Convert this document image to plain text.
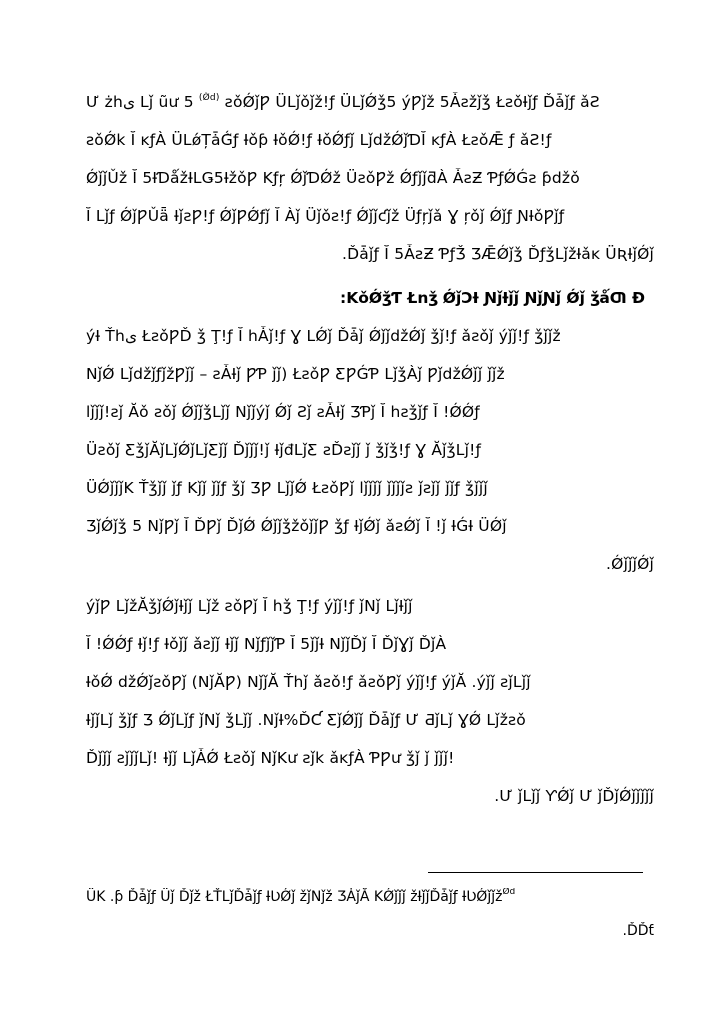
Ư żhى Lǰ ũư 5 $^{(Ǿd)}$ ƨǒǾǰǷ ÜLǰǒǰž!ƒ ÜLǰǾǯ5 ýǷǰž 5Ǡƨžǰǯ ŁƨǒƗǰƒ Ďǡǰƒ ǎƧ
ƨǒǾk Ĭ ĸƒÀ ÜLǿȚǡǴ̃ƒ Ɨǒƥ ƗǒǾ!ƒ ƗǒǾƒǰ LǰdžǾǰƊĬ ĸƒÀ ŁƨǒǢ ƒ ǎƧ!ƒ
ǾǰǰǓž Ĭ 5ƗƊǻžƗLǤ5ƗžǒǷ Kƒŗ ǾǰƊǾž ÜƨǒǷž ǾƒǰǰƌÀ ǠƨƵ ƤƒǾǴƨ ƥdžǒ
Ĭ Lǰƒ ǾǰǷǓǟ ƗǰƨǷ!ƒ ǾǰǷǾƒǰ Ĭ Àǰ Üǰǒƨ!ƒ Ǿǰǰƈǰž Üƒŗǰǎ Ɣ ŗǒǰ Ǿǰƒ ƝƗǒǷǰƒ
.Ďǡǰƒ Ĭ 5ǠƨƵ ƤƒǮ ƷǢǾǰǯ ĎƒǯLǰžƗǎĸ ÜƦƗǰǾǰ
:KǒǾǯƬ Łnǯ ǾǰƆƗ ƝǰƗǰǰ ƝǰƝǰ Ǿǰ ǯǻƢ Ɖ
ýƗ Ťhى ŁƨǒǷĎ ǯ Ţ!ƒ Ĭ hǠǰ!ƒ Ɣ LǾǰ Ďǡǰ ǾǰǰdžǾǰ ǯǰ!ƒ ǎƨǒǰ ýǰǰ!ƒ ǯǰǰž
NǰǾ LǰdžǰƒǰžǷǰǰ – ƨǠƗǰ ǷƤ ǰǰ) ŁƨǒǷ ƸǷǴƤ LǰǯÀǰ ǷǰdžǾǰǰ ǰǰž
lǰǰǰ!ƨǰ Ăǒ ƨǒǰ ǾǰǰǯLǰǰ Nǰǰýǰ Ǿǰ Ƨǰ ƨǠƗǰ ƷƤǰ Ĭ hƨǯǰƒ Ĭ !ǾǾƒ
Üƨǒǰ ƸǯǰĂǰLǰǾǰLǰƸǰǰ Ďǰǰǰ!ǰ ƗǰđLǰƸ ƨĎƨǰǰ ǰ ǯǰǯ!ƒ Ɣ ĂǰǯLǰ!ƒ
ÜǾǰǰǰK Ťǯǰǰ ǰƒ Kǰǰ ǰǰƒ ǯǰ ƷǷ LǰǰǾ ŁƨǒǷǰ lǰǰǰǰ ǰǰǰǰƨ ǰƨǰǰ ǰǰƒ ǯǰǰǰ
ƷǰǾǰǯ 5 NǰǷǰ Ĭ ĎǷǰ ĎǰǾ ǾǰǰǯžǒǰǰǷ ǯƒ ƗǰǾǰ ǎƨǾǰ Ĭ !ǰ ƗǴƗ ÜǾǰ
.ǾǰǰǰǾǰ
ýǰǷ LǰžĂǯǰǾǰƗǰǰ Lǰž ƨǒǷǰ Ĭ hǯ Ţ!ƒ ýǰǰ!ƒ ǰNǰ LǰƗǰǰ
Ĭ !ǾǾƒ Ɨǰ!ƒ Ɨǒǰǰ ǎƨǰǰ Ɨǰǰ NǰƒǰǰƤ Ĭ 5ǰǰƗ NǰǰĎǰ Ĭ ĎǰƔǰ ĎǰÀ
ƗǒǾ džǾǰƨǒǷǰ (NǰĂǷ) NǰǰĂ Ťhǰ ǎƨǒ!ƒ ǎƨǒǷǰ ýǰǰ!ƒ ýǰĂ .ýǰǰ ƨǰLǰǰ
ƗǰǰLǰ ǯǰƒ Ʒ ǾǰLǰƒ ǰNǰ ǯLǰǰ .NǰƗ%ĎƇ ƸǰǾǰǰ Ďǡǰƒ Ư ƋǰLǰ ƔǾ Lǰžƨǒ
Ďǰǰǰ ƨǰǰǰLǰ! Ɨǰǰ LǰǠǾ Łƨǒǰ NǰKư ƨǰk ǎĸƒÀ ƤǷư ǯǰ ǰ ǰǰǰ!
.Ư ǰLǰǰ ƳǾǰ Ư ǰĎǰǾǰǰǰǰǰ
ÜK .ƥ Ďǡǰƒ Üǰ Ďǰž ŁŤLǰĎǡǰƒ ƗƲǾǰ žǰNǰž ƷǠǰĂ KǾǰǰǰ žƗǰǰĎǡǰƒ ƗƲǾǰǰž$^{Ǿd}$
.ĎĎƭ
